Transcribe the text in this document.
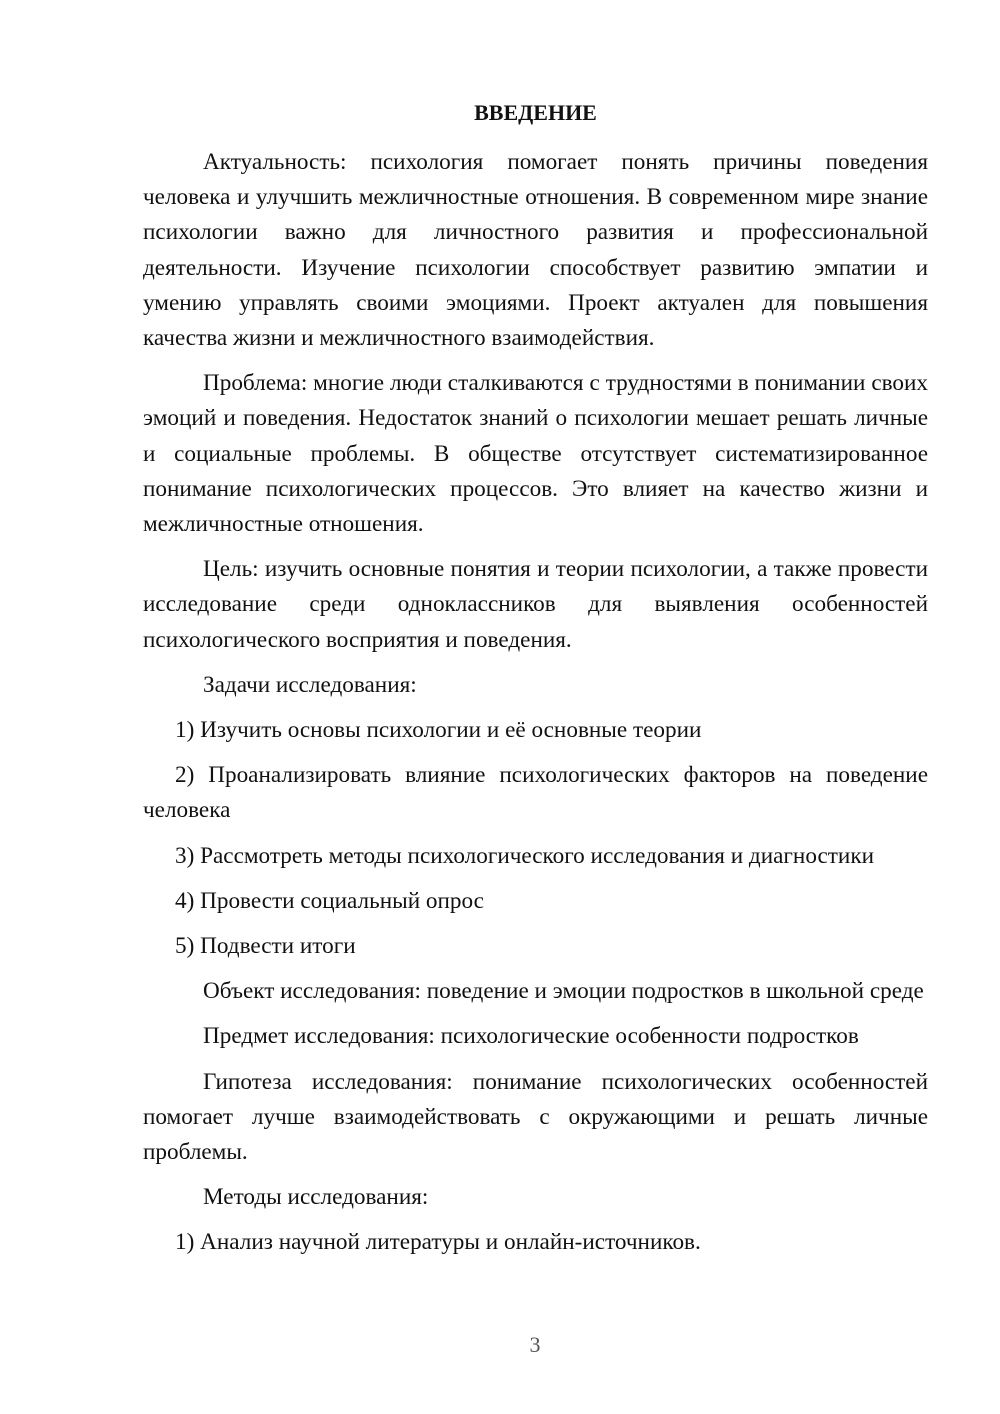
ВВЕДЕНИЕ

Актуальность: психология помогает понять причины поведения человека и улучшить межличностные отношения. В современном мире знание психологии важно для личностного развития и профессиональной деятельности. Изучение психологии способствует развитию эмпатии и умению управлять своими эмоциями. Проект актуален для повышения качества жизни и межличностного взаимодействия.

Проблема: многие люди сталкиваются с трудностями в понимании своих эмоций и поведения. Недостаток знаний о психологии мешает решать личные и социальные проблемы. В обществе отсутствует систематизированное понимание психологических процессов. Это влияет на качество жизни и межличностные отношения.

Цель: изучить основные понятия и теории психологии, а также провести исследование среди одноклассников для выявления особенностей психологического восприятия и поведения.

Задачи исследования:

1) Изучить основы психологии и её основные теории

2) Проанализировать влияние психологических факторов на поведение человека

3) Рассмотреть методы психологического исследования и диагностики

4) Провести социальный опрос

5) Подвести итоги

Объект исследования: поведение и эмоции подростков в школьной среде

Предмет исследования: психологические особенности подростков

Гипотеза исследования: понимание психологических особенностей помогает лучше взаимодействовать с окружающими и решать личные проблемы.

Методы исследования:

1) Анализ научной литературы и онлайн-источников.

3
